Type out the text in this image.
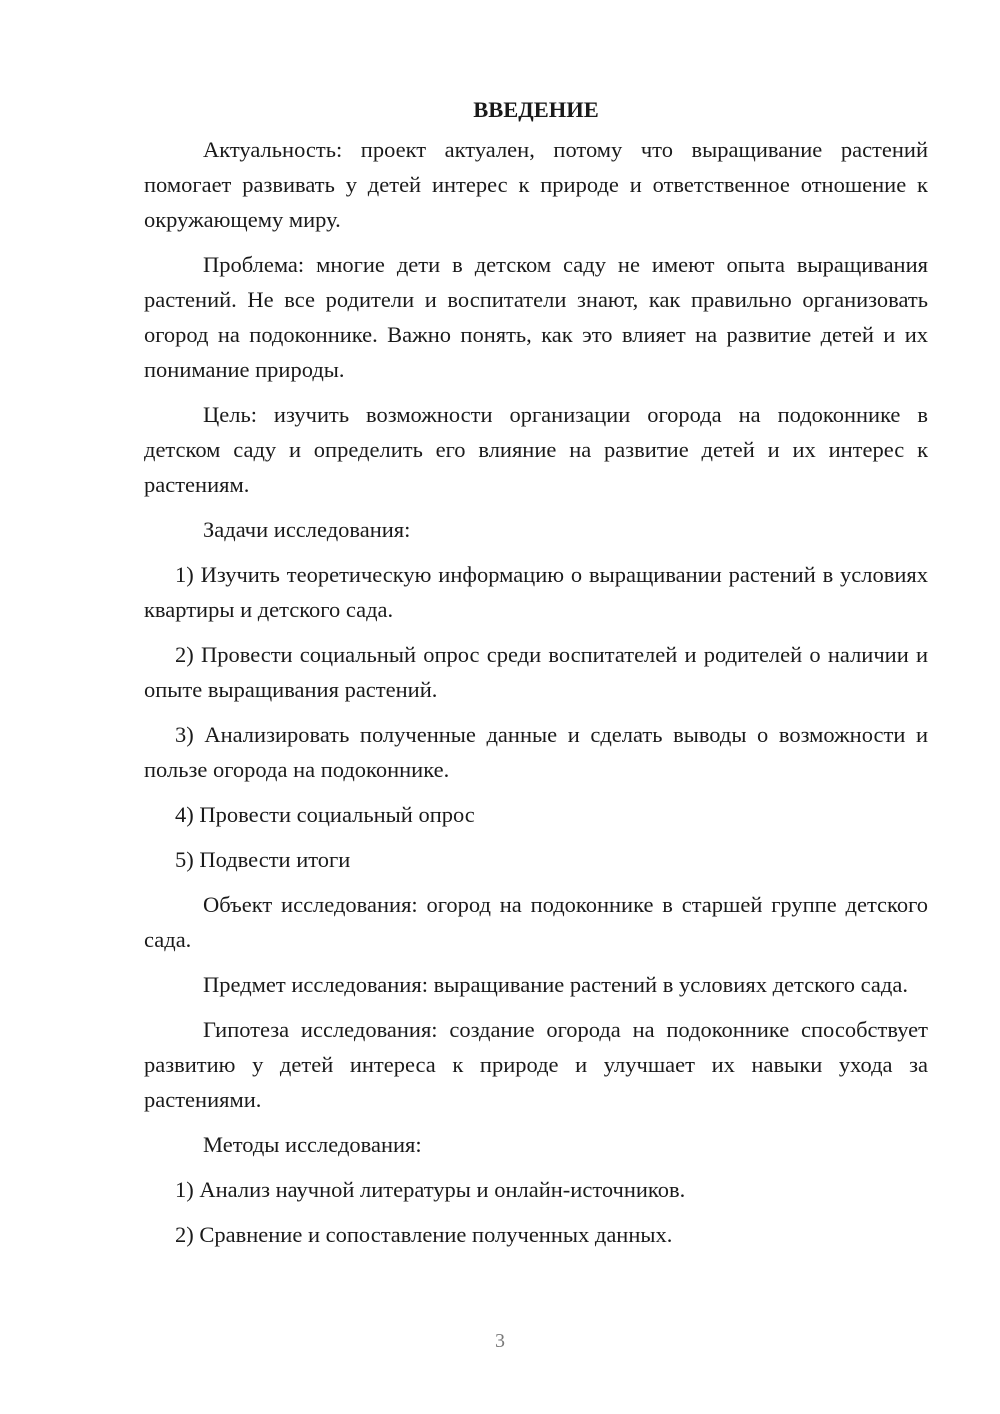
ВВЕДЕНИЕ

Актуальность: проект актуален, потому что выращивание растений помогает развивать у детей интерес к природе и ответственное отношение к окружающему миру.

Проблема: многие дети в детском саду не имеют опыта выращивания растений. Не все родители и воспитатели знают, как правильно организовать огород на подоконнике. Важно понять, как это влияет на развитие детей и их понимание природы.

Цель: изучить возможности организации огорода на подоконнике в детском саду и определить его влияние на развитие детей и их интерес к растениям.

Задачи исследования:

1) Изучить теоретическую информацию о выращивании растений в условиях квартиры и детского сада.

2) Провести социальный опрос среди воспитателей и родителей о наличии и опыте выращивания растений.

3) Анализировать полученные данные и сделать выводы о возможности и пользе огорода на подоконнике.

4) Провести социальный опрос

5) Подвести итоги

Объект исследования: огород на подоконнике в старшей группе детского сада.

Предмет исследования: выращивание растений в условиях детского сада.

Гипотеза исследования: создание огорода на подоконнике способствует развитию у детей интереса к природе и улучшает их навыки ухода за растениями.

Методы исследования:

1) Анализ научной литературы и онлайн-источников.

2) Сравнение и сопоставление полученных данных.

3
